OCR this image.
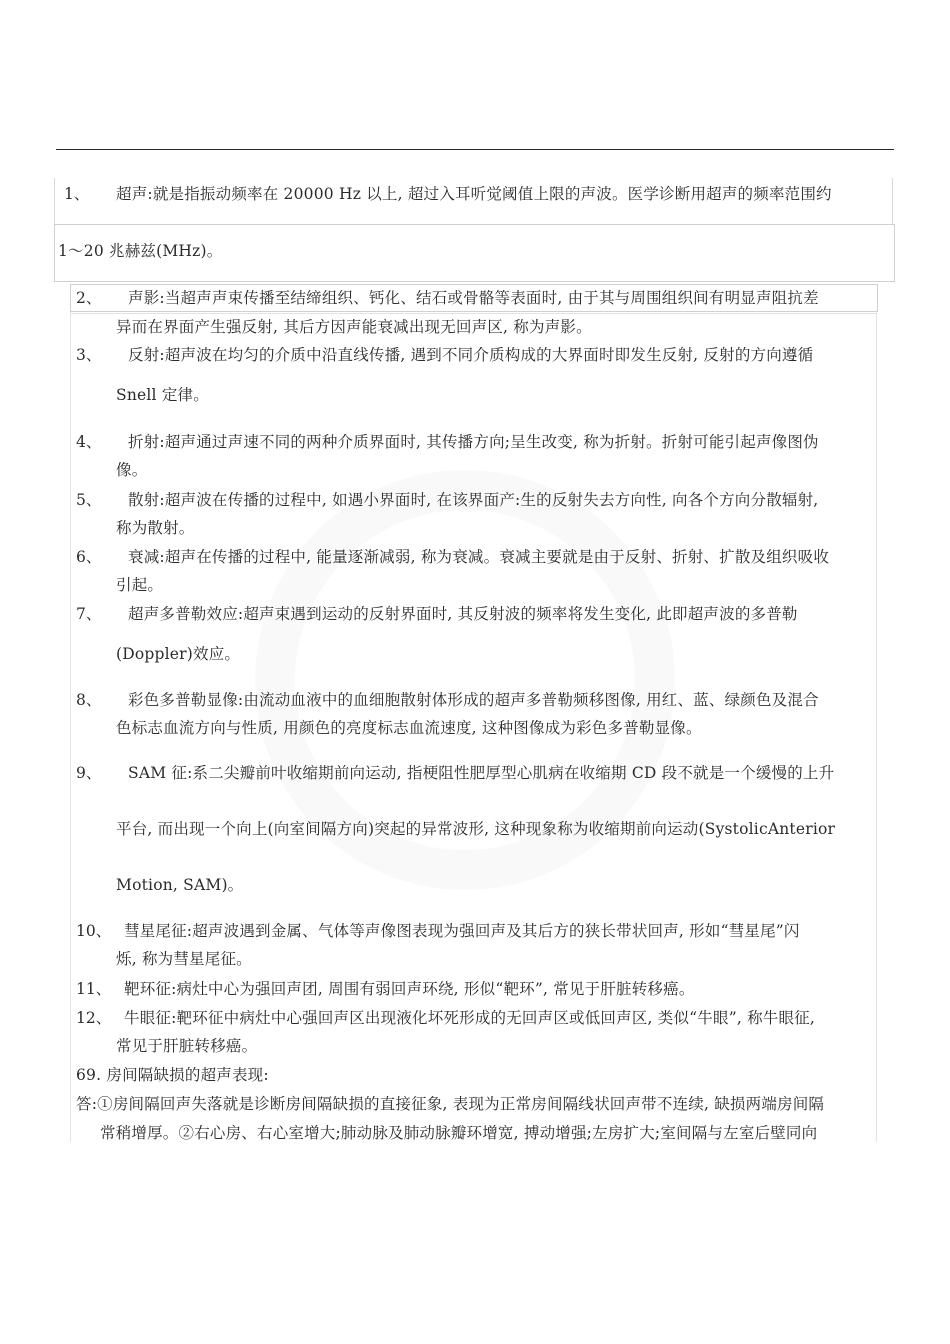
1、 超声:就是指振动频率在 20000 Hz 以上, 超过入耳听觉阈值上限的声波。医学诊断用超声的频率范围约
1～20 兆赫兹(MHz)。
2、 声影:当超声声束传播至结缔组织、钙化、结石或骨骼等表面时, 由于其与周围组织间有明显声阻抗差
异而在界面产生强反射, 其后方因声能衰减出现无回声区, 称为声影。
3、 反射:超声波在均匀的介质中沿直线传播, 遇到不同介质构成的大界面时即发生反射, 反射的方向遵循
Snell 定律。
4、 折射:超声通过声速不同的两种介质界面时, 其传播方向;呈生改变, 称为折射。折射可能引起声像图伪
像。
5、 散射:超声波在传播的过程中, 如遇小界面时, 在该界面产:生的反射失去方向性, 向各个方向分散辐射,
称为散射。
6、 衰减:超声在传播的过程中, 能量逐渐减弱, 称为衰减。衰减主要就是由于反射、折射、扩散及组织吸收
引起。
7、 超声多普勒效应:超声束遇到运动的反射界面时, 其反射波的频率将发生变化, 此即超声波的多普勒
(Doppler)效应。
8、 彩色多普勒显像:由流动血液中的血细胞散射体形成的超声多普勒频移图像, 用红、蓝、绿颜色及混合
色标志血流方向与性质, 用颜色的亮度标志血流速度, 这种图像成为彩色多普勒显像。
9、 SAM 征:系二尖瓣前叶收缩期前向运动, 指梗阻性肥厚型心肌病在收缩期 CD 段不就是一个缓慢的上升
平台, 而出现一个向上(向室间隔方向)突起的异常波形, 这种现象称为收缩期前向运动(SystolicAnterior
Motion, SAM)。
10、 彗星尾征:超声波遇到金属、气体等声像图表现为强回声及其后方的狭长带状回声, 形如“彗星尾”闪
烁, 称为彗星尾征。
11、 靶环征:病灶中心为强回声团, 周围有弱回声环绕, 形似“靶环”, 常见于肝脏转移癌。
12、 牛眼征:靶环征中病灶中心强回声区出现液化坏死形成的无回声区或低回声区, 类似“牛眼”, 称牛眼征,
常见于肝脏转移癌。
69. 房间隔缺损的超声表现:
答:①房间隔回声失落就是诊断房间隔缺损的直接征象, 表现为正常房间隔线状回声带不连续, 缺损两端房间隔
常稍增厚。②右心房、右心室增大;肺动脉及肺动脉瓣环增宽, 搏动增强;左房扩大;室间隔与左室后壁同向
